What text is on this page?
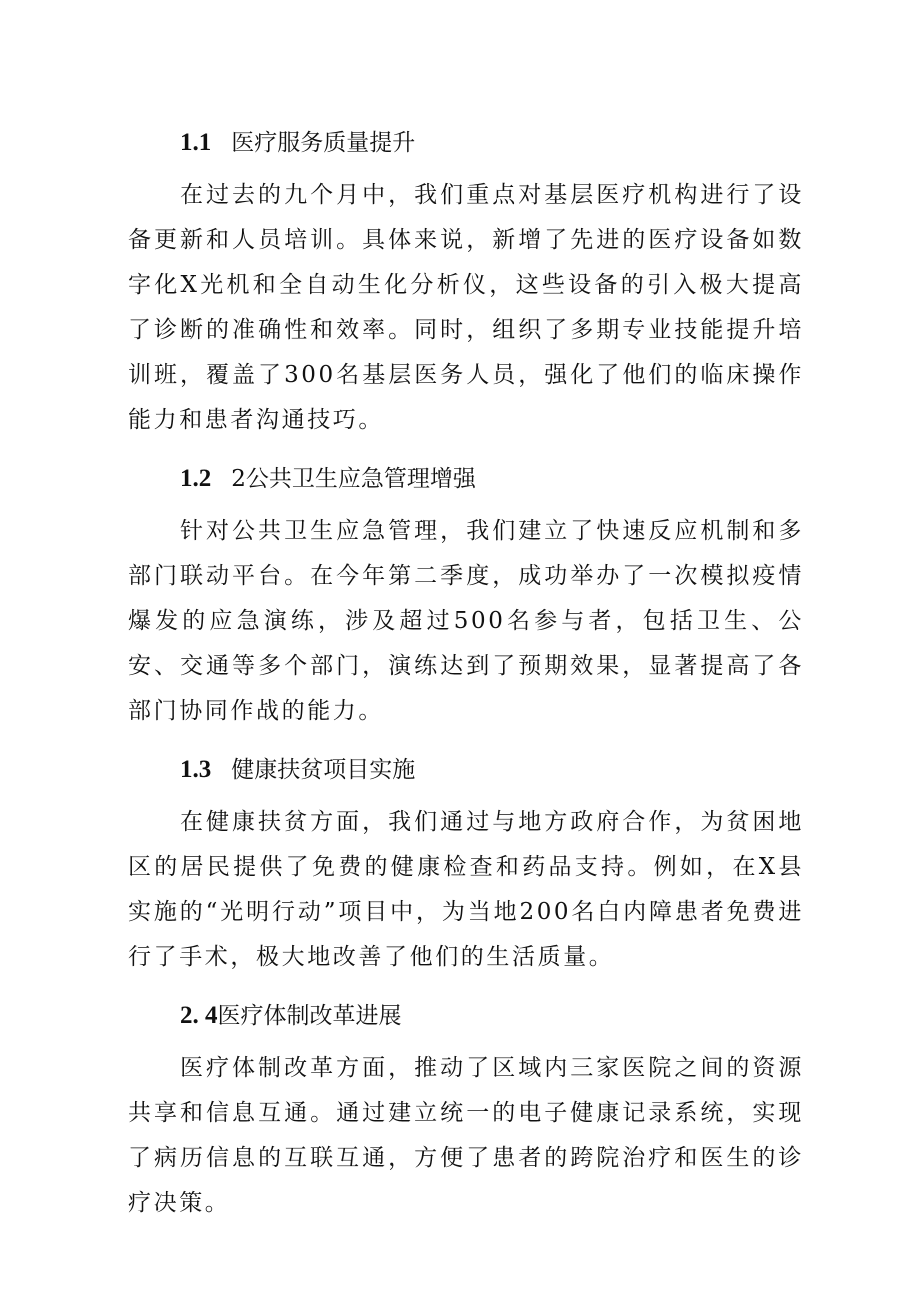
1.1 医疗服务质量提升

在过去的九个月中，我们重点对基层医疗机构进行了设备更新和人员培训。具体来说，新增了先进的医疗设备如数字化X光机和全自动生化分析仪，这些设备的引入极大提高了诊断的准确性和效率。同时，组织了多期专业技能提升培训班，覆盖了300名基层医务人员，强化了他们的临床操作能力和患者沟通技巧。

1.2 2公共卫生应急管理增强

针对公共卫生应急管理，我们建立了快速反应机制和多部门联动平台。在今年第二季度，成功举办了一次模拟疫情爆发的应急演练，涉及超过500名参与者，包括卫生、公安、交通等多个部门，演练达到了预期效果，显著提高了各部门协同作战的能力。

1.3 健康扶贫项目实施

在健康扶贫方面，我们通过与地方政府合作，为贫困地区的居民提供了免费的健康检查和药品支持。例如，在X县实施的“光明行动”项目中，为当地200名白内障患者免费进行了手术，极大地改善了他们的生活质量。

2. 4医疗体制改革进展

医疗体制改革方面，推动了区域内三家医院之间的资源共享和信息互通。通过建立统一的电子健康记录系统，实现了病历信息的互联互通，方便了患者的跨院治疗和医生的诊疗决策。
